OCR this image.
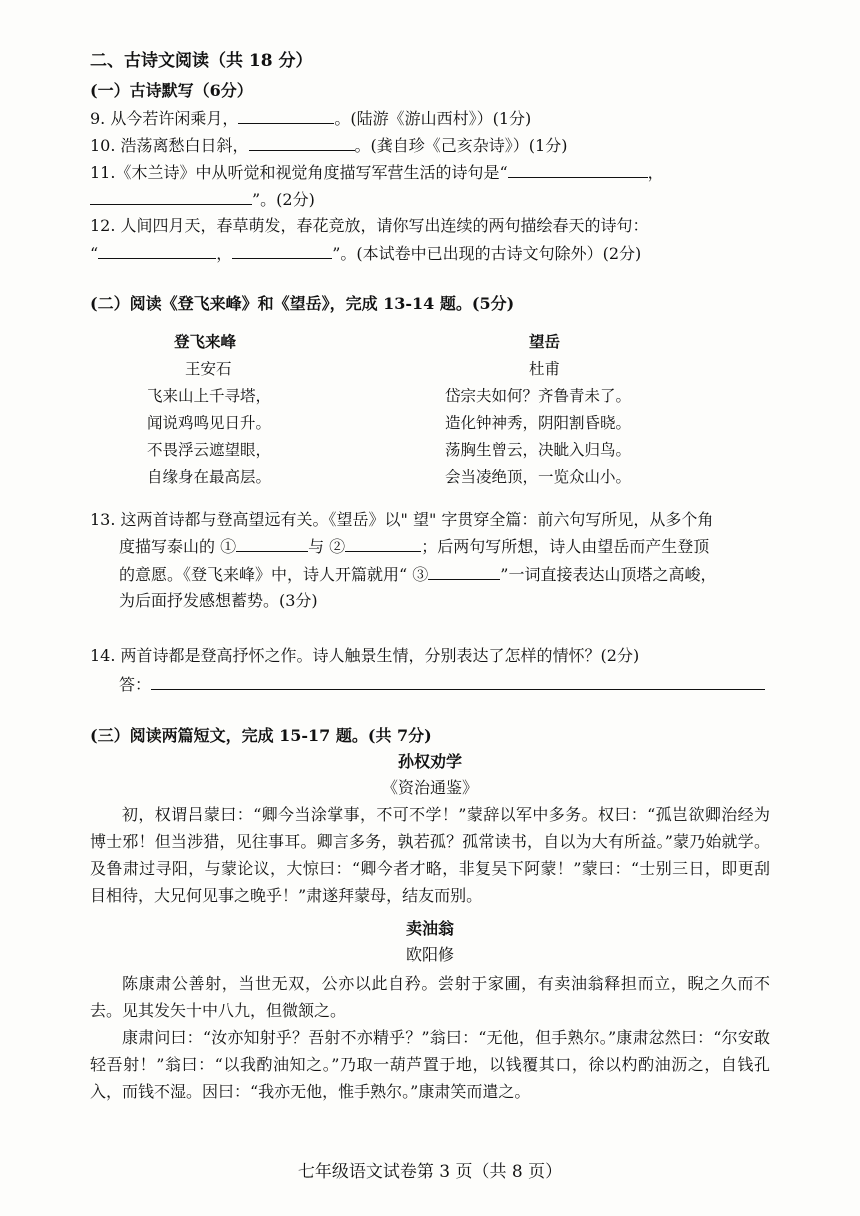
二、古诗文阅读（共 18 分）
(一）古诗默写（6分）
9. 从今若许闲乘月，	。(陆游《游山西村》）(1分)
10. 浩荡离愁白日斜，	。(龚自珍《己亥杂诗》）(1分)
11.《木兰诗》中从听觉和视觉角度描写军营生活的诗句是“	，
”。(2分)
12. 人间四月天，春草萌发，春花竞放，请你写出连续的两句描绘春天的诗句：
“	，	”。(本试卷中已出现的古诗文句除外）(2分)
(二）阅读《登飞来峰》和《望岳》，完成 13-14 题。(5分)
登飞来峰
王安石
飞来山上千寻塔，
闻说鸡鸣见日升。
不畏浮云遮望眼，
自缘身在最高层。
望岳
杜甫
岱宗夫如何？齐鲁青未了。
造化钟神秀，阴阳割昏晓。
荡胸生曾云，决眦入归鸟。
会当凌绝顶，一览众山小。
13. 这两首诗都与登高望远有关。《望岳》以" 望" 字贯穿全篇：前六句写所见，从多个角
度描写泰山的 ①	与 ②	；后两句写所想，诗人由望岳而产生登顶
的意愿。《登飞来峰》中，诗人开篇就用“ ③	”一词直接表达山顶塔之高峻，
为后面抒发感想蓄势。(3分)
14. 两首诗都是登高抒怀之作。诗人触景生情，分别表达了怎样的情怀？(2分)
答：
(三）阅读两篇短文，完成 15-17 题。(共 7分)
孙权劝学
《资治通鉴》

初，权谓吕蒙曰：“卿今当涂掌事，不可不学！”蒙辞以军中多务。权曰：“孤岂欲卿治经为博士邪！但当涉猎，见往事耳。卿言多务，孰若孤？孤常读书，自以为大有所益。”蒙乃始就学。及鲁肃过寻阳，与蒙论议，大惊曰：“卿今者才略，非复吴下阿蒙！”蒙曰：“士别三日，即更刮目相待，大兄何见事之晚乎！”肃遂拜蒙母，结友而别。

卖油翁
欧阳修

陈康肃公善射，当世无双，公亦以此自矜。尝射于家圃，有卖油翁释担而立，睨之久而不去。见其发矢十中八九，但微颔之。

康肃问曰：“汝亦知射乎？吾射不亦精乎？”翁曰：“无他，但手熟尔。”康肃忿然曰：“尔安敢轻吾射！”翁曰：“以我酌油知之。”乃取一葫芦置于地，以钱覆其口，徐以杓酌油沥之，自钱孔入，而钱不湿。因曰：“我亦无他，惟手熟尔。”康肃笑而遣之。

七年级语文试卷第 3 页（共 8 页）
